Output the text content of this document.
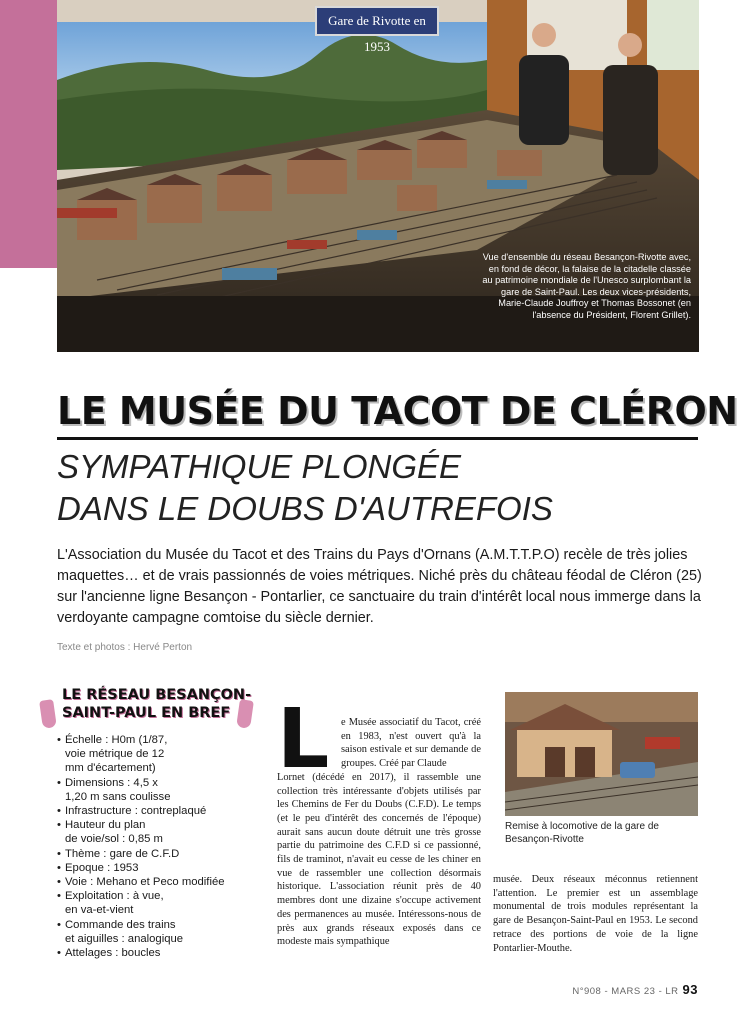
Gare de Rivotte en 1953
Vue d'ensemble du réseau Besançon-Rivotte avec, en fond de décor, la falaise de la citadelle classée au patrimoine mondiale de l'Unesco surplombant la gare de Saint-Paul. Les deux vices-présidents, Marie-Claude Jouffroy et Thomas Bossonet (en l'absence du Président, Florent Grillet).
LE MUSÉE DU TACOT DE CLÉRON
SYMPATHIQUE PLONGÉE
DANS LE DOUBS D'AUTREFOIS
L'Association du Musée du Tacot et des Trains du Pays d'Ornans (A.M.T.T.P.O) recèle de très jolies maquettes… et de vrais passionnés de voies métriques. Niché près du château féodal de Cléron (25) sur l'ancienne ligne Besançon - Pontarlier, ce sanctuaire du train d'intérêt local nous immerge dans la verdoyante campagne comtoise du siècle dernier.
Texte et photos : Hervé Perton
LE RÉSEAU BESANÇON-
SAINT-PAUL EN BREF
• Échelle : H0m (1/87,
voie métrique de 12
mm d'écartement)
• Dimensions : 4,5 x
1,20 m sans coulisse
• Infrastructure : contreplaqué
• Hauteur du plan
de voie/sol : 0,85 m
• Thème : gare de C.F.D
• Epoque : 1953
• Voie : Mehano et Peco modifiée
• Exploitation : à vue,
en va-et-vient
• Commande des trains
et aiguilles : analogique
• Attelages : boucles
L	e Musée associatif du Tacot, créé en 1983, n'est ouvert qu'à la saison estivale et sur demande de groupes. Créé par Claude
Lornet (décédé en 2017), il rassemble une collection très intéressante d'objets utilisés par les Chemins de Fer du Doubs (C.F.D). Le temps (et le peu d'intérêt des concernés de l'époque) aurait sans aucun doute détruit une très grosse partie du patrimoine des C.F.D si ce passionné, fils de traminot, n'avait eu cesse de les chiner en vue de rassembler une collection désormais historique. L'association réunit près de 40 membres dont une dizaine s'occupe activement des permanences au musée. Intéressons-nous de près aux grands réseaux exposés dans ce modeste mais sympathique
Remise à locomotive de la gare de Besançon-Rivotte
musée. Deux réseaux méconnus retiennent l'attention. Le premier est un assemblage monumental de trois modules représentant la gare de Besançon-Saint-Paul en 1953. Le second retrace des portions de voie de la ligne Pontarlier-Mouthe.
N°908 - MARS 23 - LR 93
